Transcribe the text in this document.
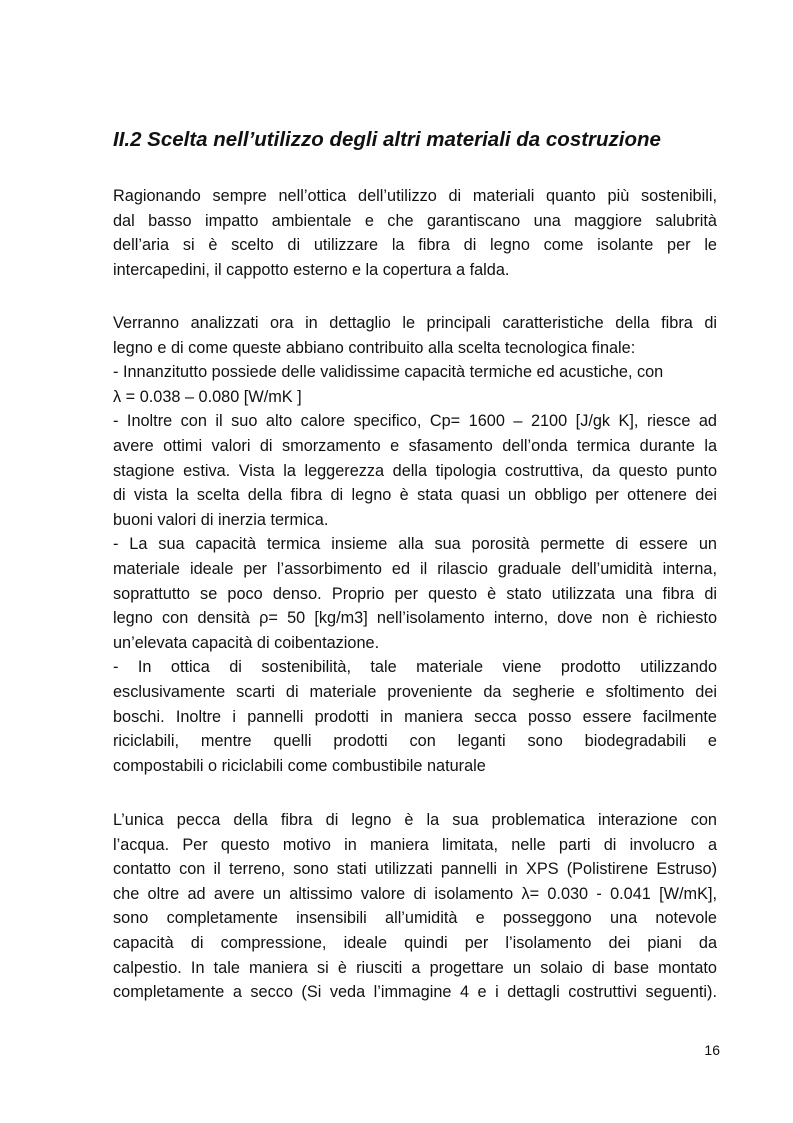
II.2 Scelta nell’utilizzo degli altri materiali da costruzione

Ragionando sempre nell’ottica dell’utilizzo di materiali quanto più sostenibili,
dal basso impatto ambientale e che garantiscano una maggiore salubrità
dell’aria si è scelto di utilizzare la fibra di legno come isolante per le
intercapedini, il cappotto esterno e la copertura a falda.

Verranno analizzati ora in dettaglio le principali caratteristiche della fibra di
legno e di come queste abbiano contribuito alla scelta tecnologica finale:
- Innanzitutto possiede delle validissime capacità termiche ed acustiche, con
λ = 0.038 – 0.080 [W/mK ]
- Inoltre con il suo alto calore specifico, Cp= 1600 – 2100 [J/gk K], riesce ad
avere ottimi valori di smorzamento e sfasamento dell’onda termica durante la
stagione estiva. Vista la leggerezza della tipologia costruttiva, da questo punto
di vista la scelta della fibra di legno è stata quasi un obbligo per ottenere dei
buoni valori di inerzia termica.
- La sua capacità termica insieme alla sua porosità permette di essere un
materiale ideale per l’assorbimento ed il rilascio graduale dell’umidità interna,
soprattutto se poco denso. Proprio per questo è stato utilizzata una fibra di
legno con densità ρ= 50 [kg/m3] nell’isolamento interno, dove non è richiesto
un’elevata capacità di coibentazione.
- In ottica di sostenibilità, tale materiale viene prodotto utilizzando
esclusivamente scarti di materiale proveniente da segherie e sfoltimento dei
boschi. Inoltre i pannelli prodotti in maniera secca posso essere facilmente
riciclabili, mentre quelli prodotti con leganti sono biodegradabili e
compostabili o riciclabili come combustibile naturale

L’unica pecca della fibra di legno è la sua problematica interazione con
l’acqua. Per questo motivo in maniera limitata, nelle parti di involucro a
contatto con il terreno, sono stati utilizzati pannelli in XPS (Polistirene Estruso)
che oltre ad avere un altissimo valore di isolamento λ= 0.030 - 0.041 [W/mK],
sono completamente insensibili all’umidità e posseggono una notevole
capacità di compressione, ideale quindi per l’isolamento dei piani da
calpestio. In tale maniera si è riusciti a progettare un solaio di base montato
completamente a secco (Si veda l’immagine 4 e i dettagli costruttivi seguenti).

16
